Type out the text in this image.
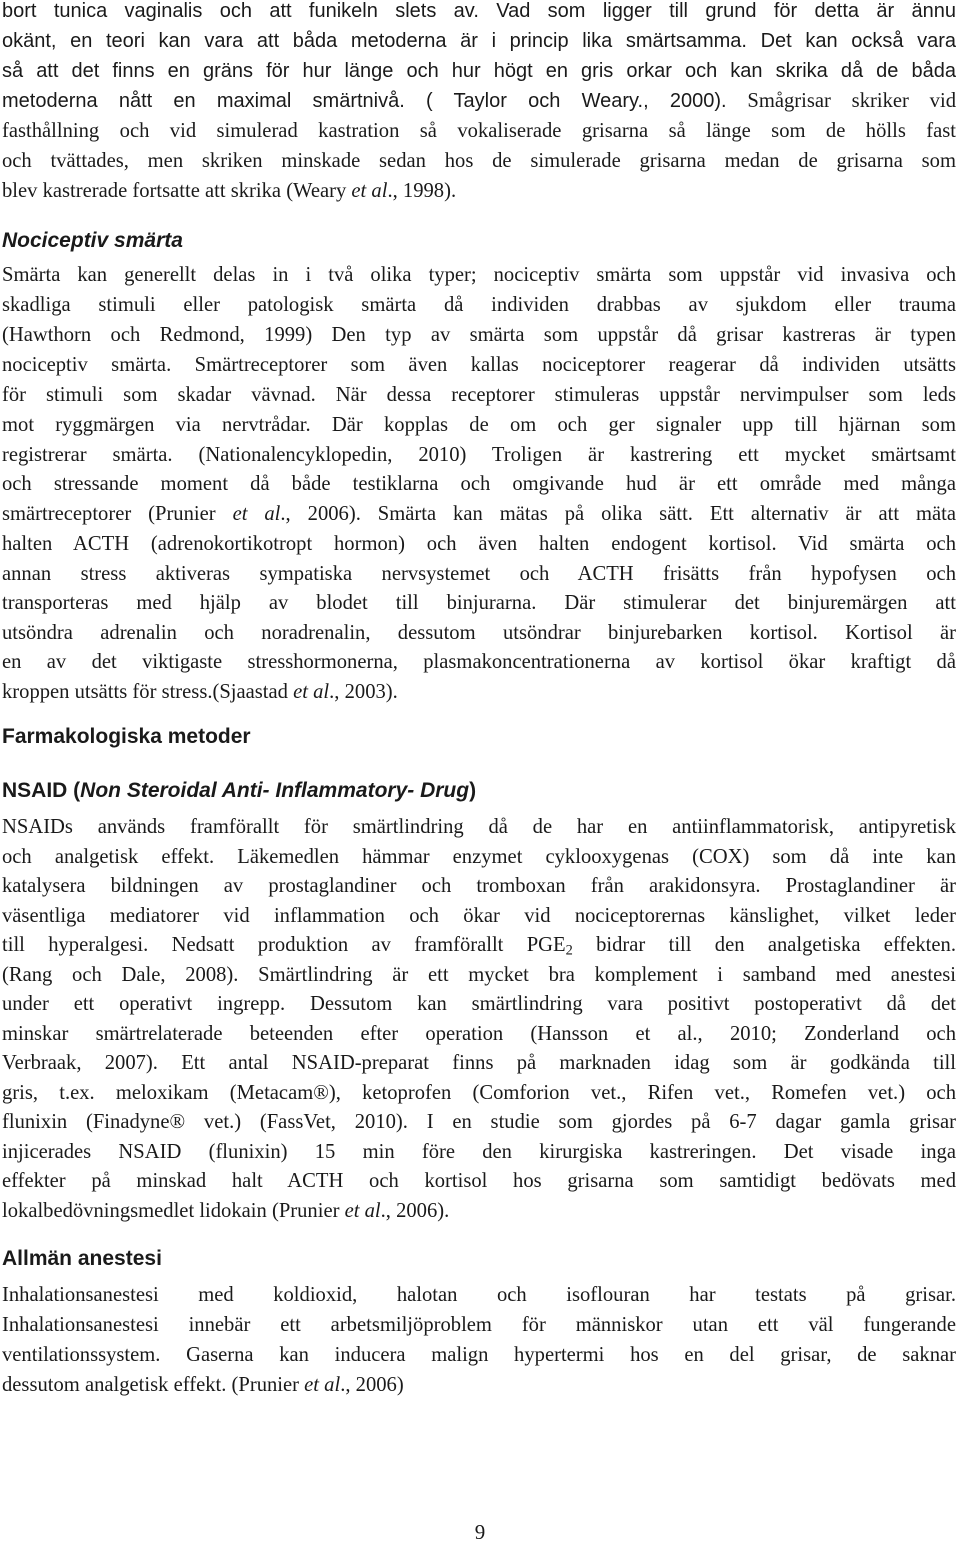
bort tunica vaginalis och att funikeln slets av. Vad som ligger till grund för detta är ännu

okänt, en teori kan vara att båda metoderna är i princip lika smärtsamma. Det kan också vara

så att det finns en gräns för hur länge och hur högt en gris orkar och kan skrika då de båda

metoderna nått en maximal smärtnivå. ( Taylor och Weary., 2000). Smågrisar skriker vid

fasthållning och vid simulerad kastration så vokaliserade grisarna så länge som de hölls fast

och tvättades, men skriken minskade sedan hos de simulerade grisarna medan de grisarna som

blev kastrerade fortsatte att skrika (Weary et al., 1998).

Nociceptiv smärta

Smärta kan generellt delas in i två olika typer; nociceptiv smärta som uppstår vid invasiva och

skadliga stimuli eller patologisk smärta då individen drabbas av sjukdom eller trauma

(Hawthorn och Redmond, 1999) Den typ av smärta som uppstår då grisar kastreras är typen

nociceptiv smärta. Smärtreceptorer som även kallas nociceptorer reagerar då individen utsätts

för stimuli som skadar vävnad. När dessa receptorer stimuleras uppstår nervimpulser som leds

mot ryggmärgen via nervtrådar. Där kopplas de om och ger signaler upp till hjärnan som

registrerar smärta. (Nationalencyklopedin, 2010) Troligen är kastrering ett mycket smärtsamt

och stressande moment då både testiklarna och omgivande hud är ett område med många

smärtreceptorer (Prunier et al., 2006). Smärta kan mätas på olika sätt. Ett alternativ är att mäta

halten ACTH (adrenokortikotropt hormon) och även halten endogent kortisol. Vid smärta och

annan stress aktiveras sympatiska nervsystemet och ACTH frisätts från hypofysen och

transporteras med hjälp av blodet till binjurarna. Där stimulerar det binjuremärgen att

utsöndra adrenalin och noradrenalin, dessutom utsöndrar binjurebarken kortisol. Kortisol är

en av det viktigaste stresshormonerna, plasmakoncentrationerna av kortisol ökar kraftigt då

kroppen utsätts för stress.(Sjaastad et al., 2003).

Farmakologiska metoder
NSAID (Non Steroidal Anti- Inflammatory- Drug)

NSAIDs används framförallt för smärtlindring då de har en antiinflammatorisk, antipyretisk

och analgetisk effekt. Läkemedlen hämmar enzymet cyklooxygenas (COX) som då inte kan

katalysera bildningen av prostaglandiner och tromboxan från arakidonsyra. Prostaglandiner är

väsentliga mediatorer vid inflammation och ökar vid nociceptorernas känslighet, vilket leder

till hyperalgesi. Nedsatt produktion av framförallt $PGE_2$ bidrar till den analgetiska effekten.

(Rang och Dale, 2008). Smärtlindring är ett mycket bra komplement i samband med anestesi

under ett operativt ingrepp. Dessutom kan smärtlindring vara positivt postoperativt då det

minskar smärtrelaterade beteenden efter operation (Hansson et al., 2010; Zonderland och

Verbraak, 2007). Ett antal NSAID-preparat finns på marknaden idag som är godkända till

gris, t.ex. meloxikam (Metacam®), ketoprofen (Comforion vet., Rifen vet., Romefen vet.) och

flunixin (Finadyne® vet.) (FassVet, 2010). I en studie som gjordes på 6-7 dagar gamla grisar

injicerades NSAID (flunixin) 15 min före den kirurgiska kastreringen. Det visade inga

effekter på minskad halt ACTH och kortisol hos grisarna som samtidigt bedövats med

lokalbedövningsmedlet lidokain (Prunier et al., 2006).

Allmän anestesi

Inhalationsanestesi med koldioxid, halotan och isoflouran har testats på grisar.

Inhalationsanestesi innebär ett arbetsmiljöproblem för människor utan ett väl fungerande

ventilationssystem. Gaserna kan inducera malign hypertermi hos en del grisar, de saknar

dessutom analgetisk effekt. (Prunier et al., 2006)

9
